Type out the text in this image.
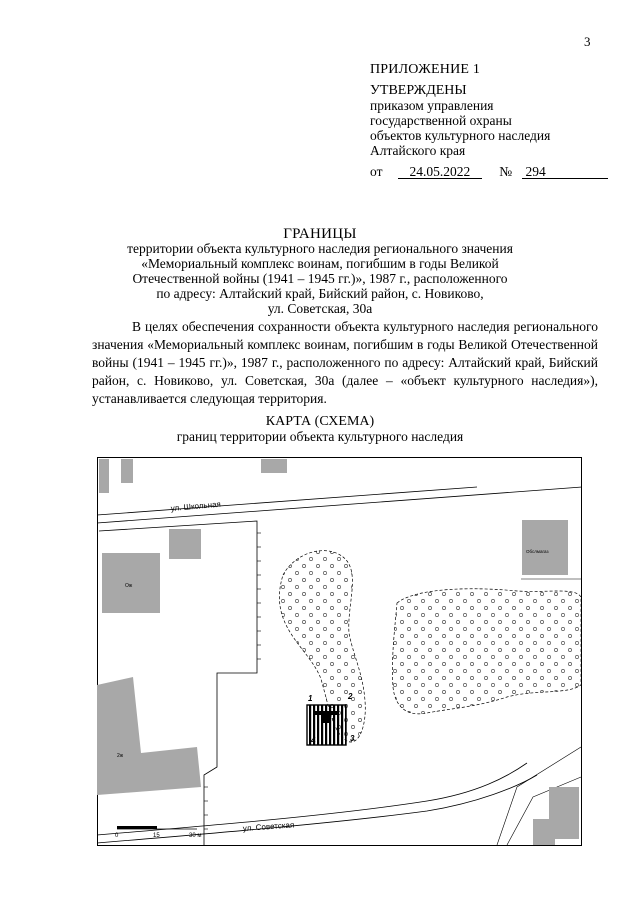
3
ПРИЛОЖЕНИЕ 1
УТВЕРЖДЕНЫ
приказом управления
государственной охраны
объектов культурного наследия
Алтайского края
от 24.05.2022 № 294
ГРАНИЦЫ
территории объекта культурного наследия регионального значения
«Мемориальный комплекс воинам, погибшим в годы Великой
Отечественной войны (1941 – 1945 гг.)», 1987 г., расположенного
по адресу: Алтайский край, Бийский район, с. Новиково,
ул. Советская, 30а

В целях обеспечения сохранности объекта культурного наследия регионального значения «Мемориальный комплекс воинам, погибшим в годы Великой Отечественной войны (1941 – 1945 гг.)», 1987 г., расположенного по адресу: Алтайский край, Бийский район, с. Новиково, ул. Советская, 30а (далее – «объект культурного наследия»), устанавливается следующая территория.

КАРТА (СХЕМА)
границ территории объекта культурного наследия
ул. Школьная
Ож
2ж
Обслмагаз
1	2
3
4
ул. Советская
0	15	30 м
